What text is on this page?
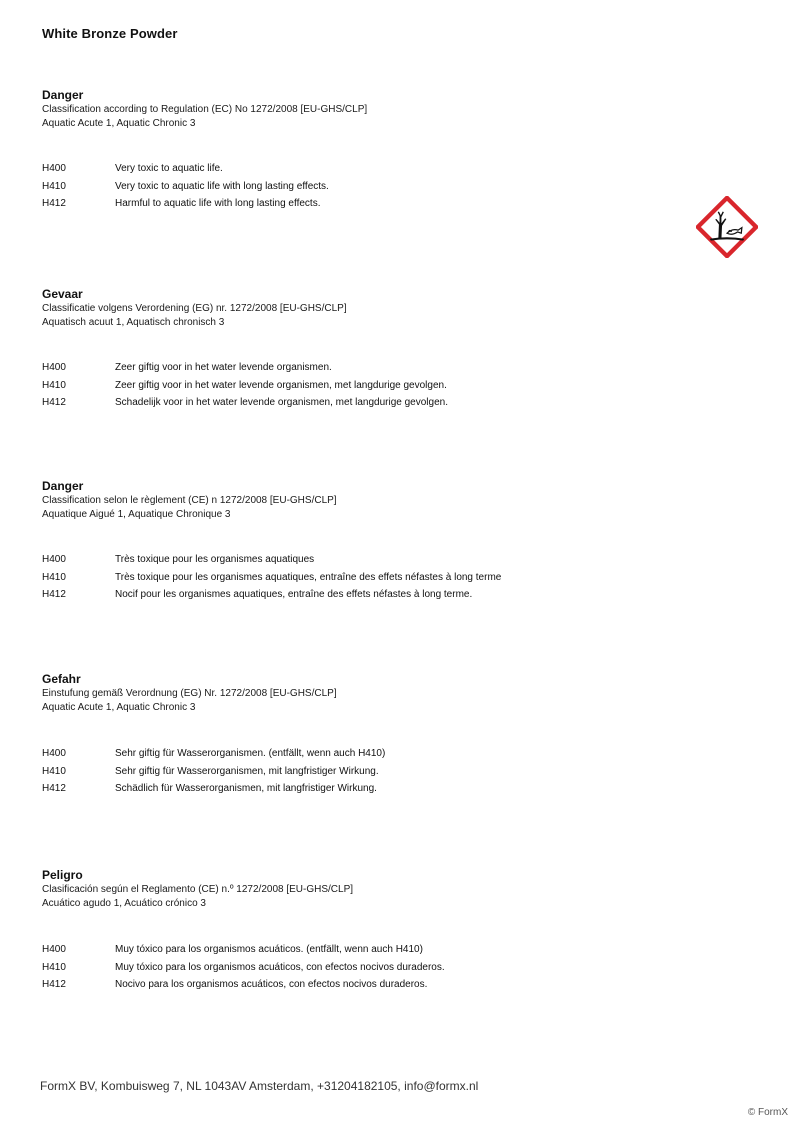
White Bronze Powder
Danger
Classification according to Regulation (EC) No 1272/2008 [EU-GHS/CLP]
Aquatic Acute 1, Aquatic Chronic 3
H400	Very toxic to aquatic life.
H410	Very toxic to aquatic life with long lasting effects.
H412	Harmful to aquatic life with long lasting effects.
Gevaar
Classificatie volgens Verordening (EG) nr. 1272/2008 [EU-GHS/CLP]
Aquatisch acuut 1, Aquatisch chronisch 3
H400	Zeer giftig voor in het water levende organismen.
H410	Zeer giftig voor in het water levende organismen, met langdurige gevolgen.
H412	Schadelijk voor in het water levende organismen, met langdurige gevolgen.
Danger
Classification selon le règlement (CE) n 1272/2008 [EU-GHS/CLP]
Aquatique Aigué 1, Aquatique Chronique 3
H400	Très toxique pour les organismes aquatiques
H410	Très toxique pour les organismes aquatiques, entraîne des effets néfastes à long terme
H412	Nocif pour les organismes aquatiques, entraîne des effets néfastes à long terme.
Gefahr
Einstufung gemäß Verordnung (EG) Nr. 1272/2008 [EU-GHS/CLP]
Aquatic Acute 1, Aquatic Chronic 3
H400	Sehr giftig für Wasserorganismen. (entfällt, wenn auch H410)
H410	Sehr giftig für Wasserorganismen, mit langfristiger Wirkung.
H412	Schädlich für Wasserorganismen, mit langfristiger Wirkung.
Peligro
Clasificación según el Reglamento (CE) n.º 1272/2008 [EU-GHS/CLP]
Acuático agudo 1, Acuático crónico 3
H400	Muy tóxico para los organismos acuáticos. (entfällt, wenn auch H410)
H410	Muy tóxico para los organismos acuáticos, con efectos nocivos duraderos.
H412	Nocivo para los organismos acuáticos, con efectos nocivos duraderos.
FormX BV, Kombuisweg 7, NL 1043AV Amsterdam, +31204182105, info@formx.nl
© FormX
